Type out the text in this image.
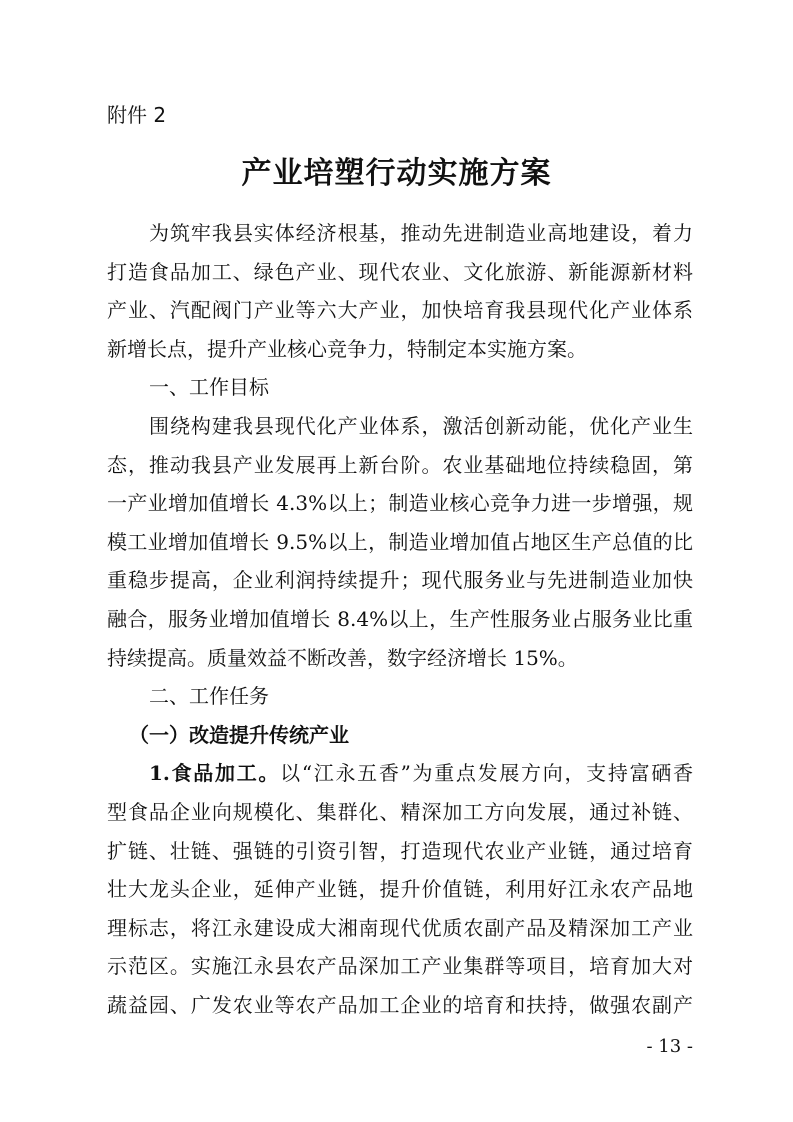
附件 2
产业培塑行动实施方案
为筑牢我县实体经济根基，推动先进制造业高地建设，着力
打造食品加工、绿色产业、现代农业、文化旅游、新能源新材料
产业、汽配阀门产业等六大产业，加快培育我县现代化产业体系
新增长点，提升产业核心竞争力，特制定本实施方案。
一、工作目标
围绕构建我县现代化产业体系，激活创新动能，优化产业生
态，推动我县产业发展再上新台阶。农业基础地位持续稳固，第
一产业增加值增长 4.3%以上；制造业核心竞争力进一步增强，规
模工业增加值增长 9.5%以上，制造业增加值占地区生产总值的比
重稳步提高，企业利润持续提升；现代服务业与先进制造业加快
融合，服务业增加值增长 8.4%以上，生产性服务业占服务业比重
持续提高。质量效益不断改善，数字经济增长 15%。
二、工作任务
（一）改造提升传统产业
1.食品加工。以“江永五香”为重点发展方向，支持富硒香
型食品企业向规模化、集群化、精深加工方向发展，通过补链、
扩链、壮链、强链的引资引智，打造现代农业产业链，通过培育
壮大龙头企业，延伸产业链，提升价值链，利用好江永农产品地
理标志，将江永建设成大湘南现代优质农副产品及精深加工产业
示范区。实施江永县农产品深加工产业集群等项目，培育加大对
蔬益园、广发农业等农产品加工企业的培育和扶持，做强农副产
- 13 -
